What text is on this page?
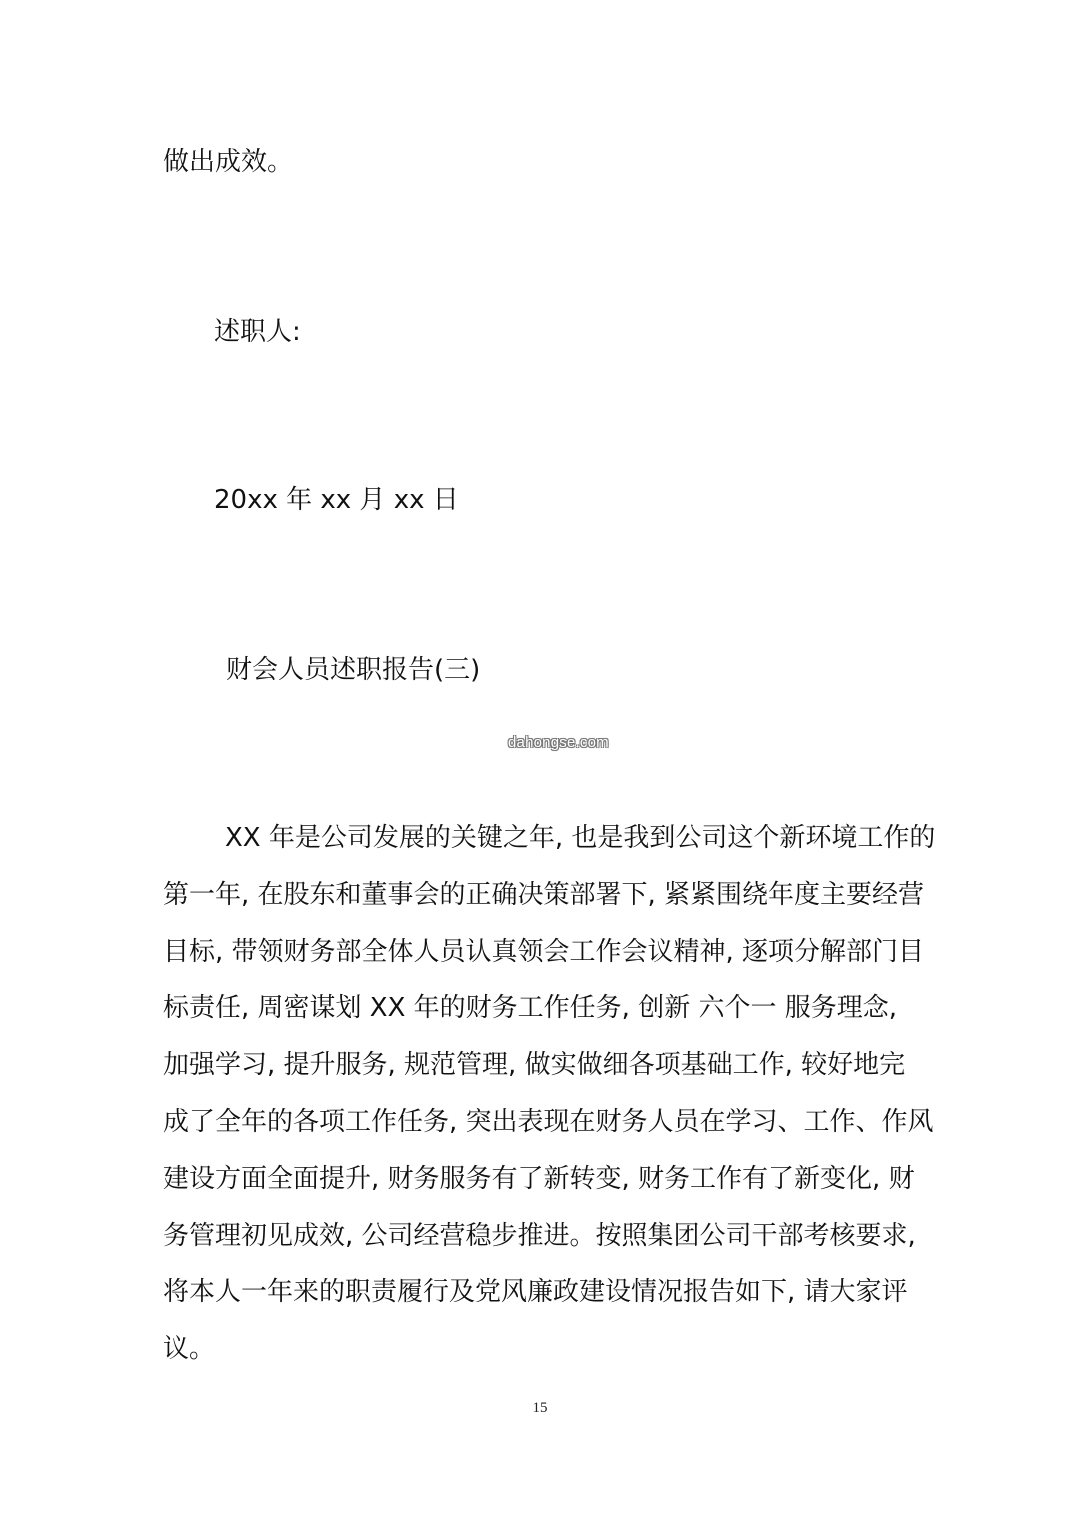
做出成效。
述职人:
20xx 年 xx 月 xx 日
财会人员述职报告(三)
dahongse.com
XX 年是公司发展的关键之年, 也是我到公司这个新环境工作的
第一年, 在股东和董事会的正确决策部署下, 紧紧围绕年度主要经营
目标, 带领财务部全体人员认真领会工作会议精神, 逐项分解部门目
标责任, 周密谋划 XX 年的财务工作任务, 创新 六个一 服务理念,
加强学习, 提升服务, 规范管理, 做实做细各项基础工作, 较好地完
成了全年的各项工作任务, 突出表现在财务人员在学习、工作、作风
建设方面全面提升, 财务服务有了新转变, 财务工作有了新变化, 财
务管理初见成效, 公司经营稳步推进。按照集团公司干部考核要求,
将本人一年来的职责履行及党风廉政建设情况报告如下, 请大家评
议。
15
